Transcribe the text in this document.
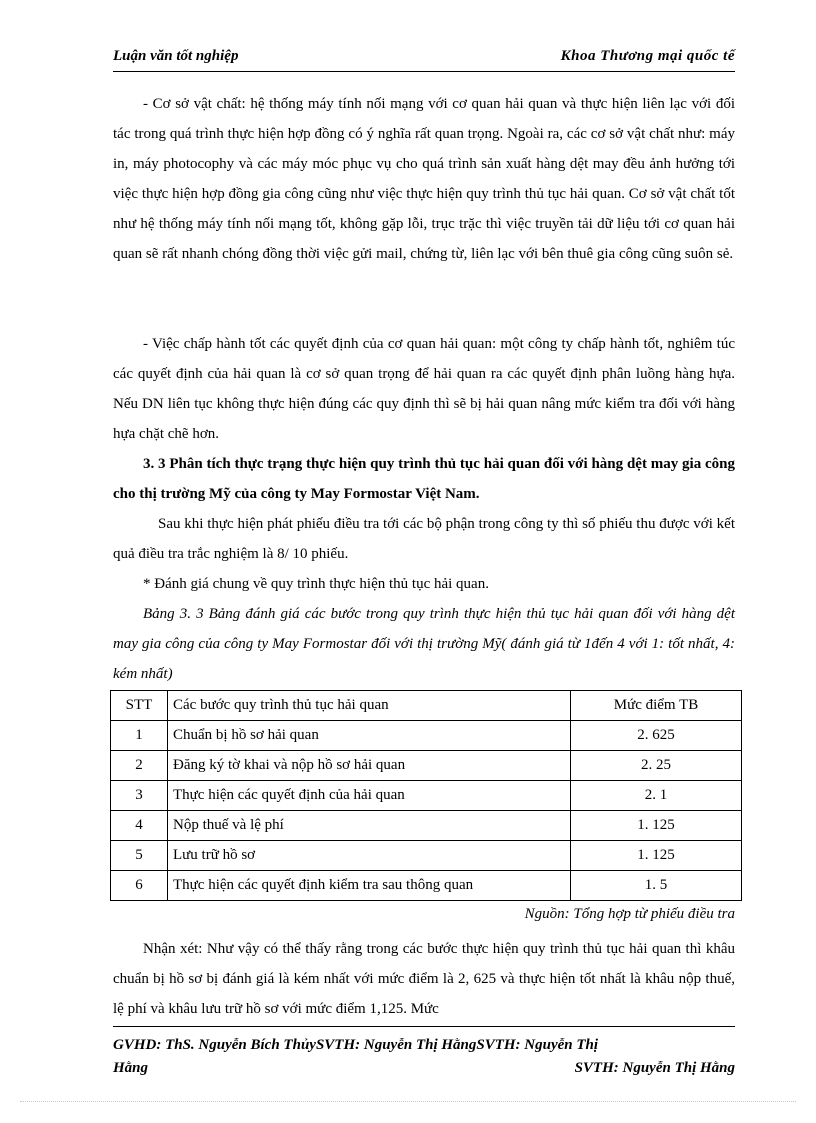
Luận văn tốt nghiệp	Khoa Thương mại quốc tế

- Cơ sở vật chất: hệ thống máy tính nối mạng với cơ quan hải quan và thực hiện liên lạc với đối tác trong quá trình thực hiện hợp đồng có ý nghĩa rất quan trọng. Ngoài ra, các cơ sở vật chất như: máy in, máy photocophy và các máy móc phục vụ cho quá trình sản xuất hàng dệt may đều ảnh hưởng tới việc thực hiện hợp đồng gia công cũng như việc thực hiện quy trình thủ tục hải quan. Cơ sở vật chất tốt như hệ thống máy tính nối mạng tốt, không gặp lỗi, trục trặc thì việc truyền tải dữ liệu tới cơ quan hải quan sẽ rất nhanh chóng đồng thời việc gửi mail, chứng từ, liên lạc với bên thuê gia công cũng suôn sẻ.

- Việc chấp hành tốt các quyết định của cơ quan hải quan: một công ty chấp hành tốt, nghiêm túc các quyết định của hải quan là cơ sở quan trọng để hải quan ra các quyết định phân luồng hàng hựa. Nếu DN liên tục không thực hiện đúng các quy định thì sẽ bị hải quan nâng mức kiểm tra đối với hàng hựa chặt chẽ hơn.

3. 3 Phân tích thực trạng thực hiện quy trình thủ tục hải quan đối với hàng dệt may gia công cho thị trường Mỹ của công ty May Formostar Việt Nam.

Sau khi thực hiện phát phiếu điều tra tới các bộ phận trong công ty thì số phiếu thu được với kết quả điều tra trắc nghiệm là 8/ 10 phiếu.

* Đánh giá chung về quy trình thực hiện thủ tục hải quan.

Bảng 3. 3 Bảng đánh giá các bước trong quy trình thực hiện thủ tục hải quan đối với hàng dệt may gia công của công ty May Formostar đối với thị trường Mỹ( đánh giá từ 1đến 4 với 1: tốt nhất, 4: kém nhất)

STT	Các bước quy trình thủ tục hải quan	Mức điểm TB
1	Chuẩn bị hồ sơ hải quan	2. 625
2	Đăng ký tờ khai và nộp hồ sơ hải quan	2. 25
3	Thực hiện các quyết định của hải quan	2. 1
4	Nộp thuế và lệ phí	1. 125
5	Lưu trữ hồ sơ	1. 125
6	Thực hiện các quyết định kiểm tra sau thông quan	1. 5
Nguồn: Tổng hợp từ phiếu điều tra

Nhận xét: Như vậy có thể thấy rằng trong các bước thực hiện quy trình thủ tục hải quan thì khâu chuẩn bị hồ sơ bị đánh giá là kém nhất với mức điểm là 2, 625 và thực hiện tốt nhất là khâu nộp thuế, lệ phí và khâu lưu trữ hồ sơ với mức điểm 1,125. Mức

GVHD: ThS. Nguyễn Bích ThủySVTH: Nguyễn Thị HằngSVTH: Nguyễn Thị
Hằng	SVTH: Nguyễn Thị Hằng
